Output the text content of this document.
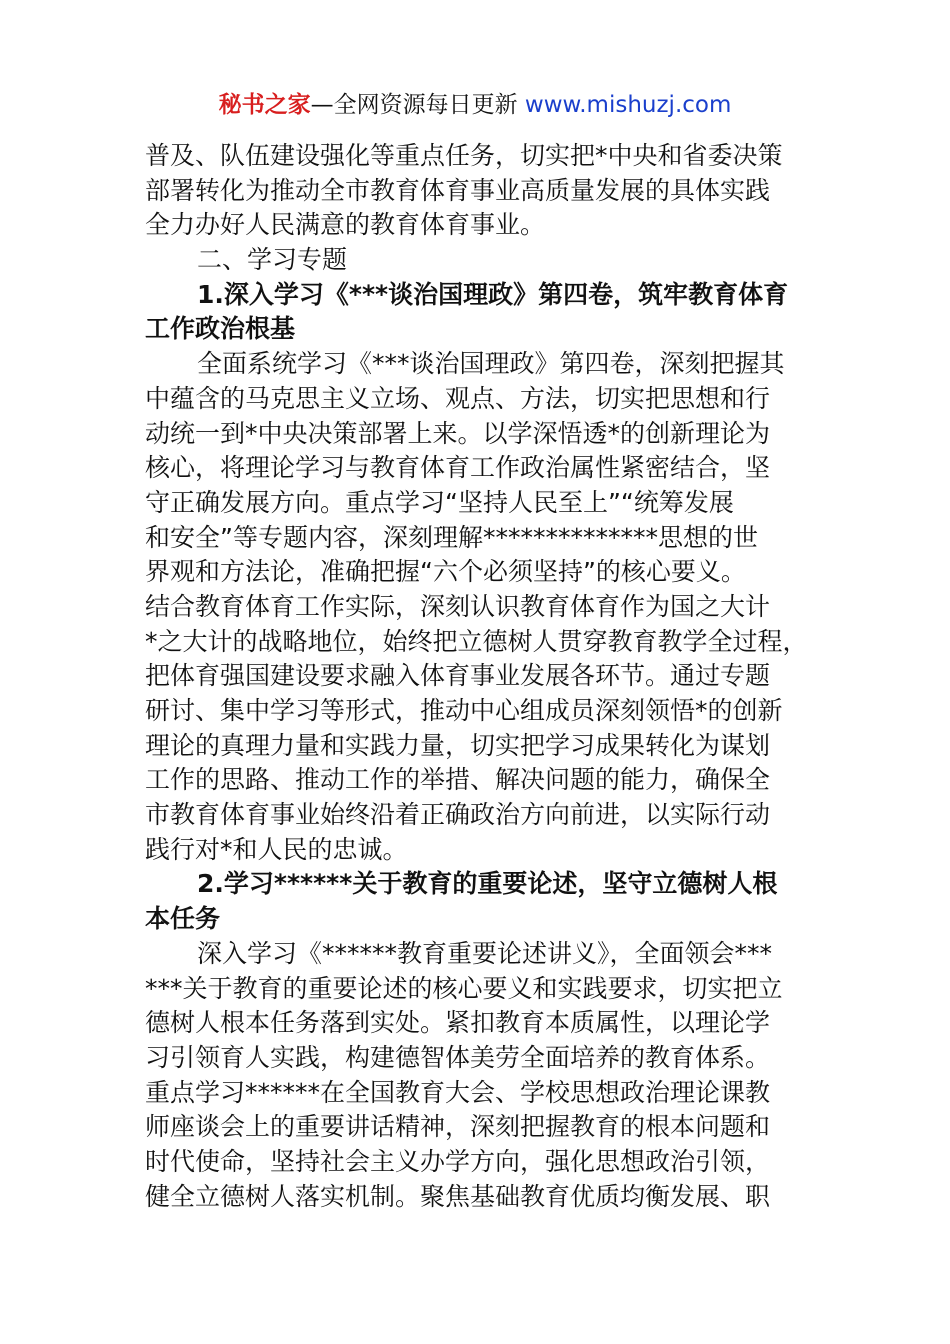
秘书之家—全网资源每日更新 www.mishuzj.com
普及、队伍建设强化等重点任务，切实把*中央和省委决策
部署转化为推动全市教育体育事业高质量发展的具体实践
全力办好人民满意的教育体育事业。
二、学习专题
1.深入学习《***谈治国理政》第四卷，筑牢教育体育
工作政治根基
全面系统学习《***谈治国理政》第四卷，深刻把握其
中蕴含的马克思主义立场、观点、方法，切实把思想和行
动统一到*中央决策部署上来。以学深悟透*的创新理论为
核心，将理论学习与教育体育工作政治属性紧密结合，坚
守正确发展方向。重点学习“坚持人民至上”“统筹发展
和安全”等专题内容，深刻理解**************思想的世
界观和方法论，准确把握“六个必须坚持”的核心要义。
结合教育体育工作实际，深刻认识教育体育作为国之大计
*之大计的战略地位，始终把立德树人贯穿教育教学全过程，
把体育强国建设要求融入体育事业发展各环节。通过专题
研讨、集中学习等形式，推动中心组成员深刻领悟*的创新
理论的真理力量和实践力量，切实把学习成果转化为谋划
工作的思路、推动工作的举措、解决问题的能力，确保全
市教育体育事业始终沿着正确政治方向前进，以实际行动
践行对*和人民的忠诚。
2.学习******关于教育的重要论述，坚守立德树人根
本任务
深入学习《******教育重要论述讲义》，全面领会***
***关于教育的重要论述的核心要义和实践要求，切实把立
德树人根本任务落到实处。紧扣教育本质属性，以理论学
习引领育人实践，构建德智体美劳全面培养的教育体系。
重点学习******在全国教育大会、学校思想政治理论课教
师座谈会上的重要讲话精神，深刻把握教育的根本问题和
时代使命，坚持社会主义办学方向，强化思想政治引领，
健全立德树人落实机制。聚焦基础教育优质均衡发展、职
